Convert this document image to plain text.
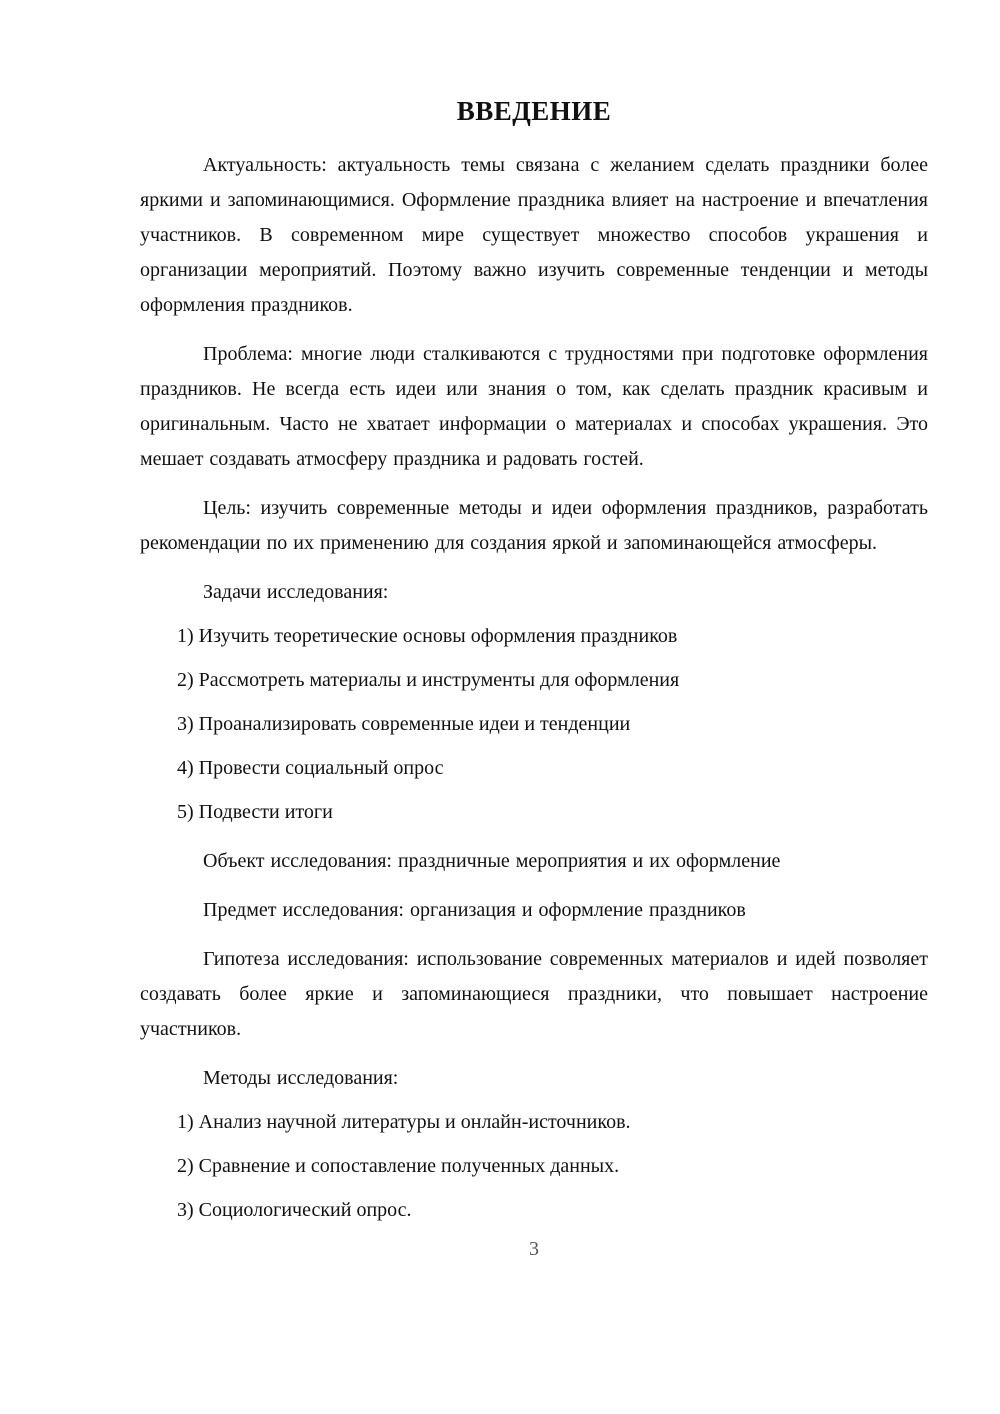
ВВЕДЕНИЕ

Актуальность: актуальность темы связана с желанием сделать праздники более яркими и запоминающимися. Оформление праздника влияет на настроение и впечатления участников. В современном мире существует множество способов украшения и организации мероприятий. Поэтому важно изучить современные тенденции и методы оформления праздников.

Проблема: многие люди сталкиваются с трудностями при подготовке оформления праздников. Не всегда есть идеи или знания о том, как сделать праздник красивым и оригинальным. Часто не хватает информации о материалах и способах украшения. Это мешает создавать атмосферу праздника и радовать гостей.

Цель: изучить современные методы и идеи оформления праздников, разработать рекомендации по их применению для создания яркой и запоминающейся атмосферы.

Задачи исследования:

1) Изучить теоретические основы оформления праздников

2) Рассмотреть материалы и инструменты для оформления

3) Проанализировать современные идеи и тенденции

4) Провести социальный опрос

5) Подвести итоги

Объект исследования: праздничные мероприятия и их оформление

Предмет исследования: организация и оформление праздников

Гипотеза исследования: использование современных материалов и идей позволяет создавать более яркие и запоминающиеся праздники, что повышает настроение участников.

Методы исследования:

1) Анализ научной литературы и онлайн-источников.

2) Сравнение и сопоставление полученных данных.

3) Социологический опрос.

3
